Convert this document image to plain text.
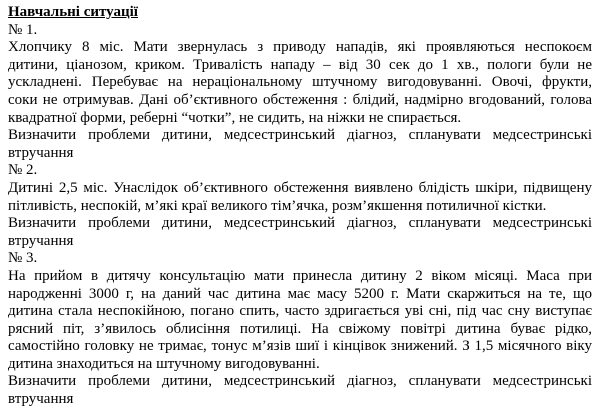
Навчальні ситуації
№ 1.
Хлопчику 8 міс. Мати звернулась з приводу нападів, які проявляються неспокоєм
дитини, ціанозом, криком. Тривалість нападу – від 30 сек до 1 хв., пологи були не
ускладнені. Перебуває на нераціональному штучному вигодовуванні. Овочі, фрукти,
соки не отримував. Дані об’єктивного обстеження : блідий, надмірно вгодований, голова
квадратної форми, реберні “чотки”, не сидить, на ніжки не спирається.
Визначити проблеми дитини, медсестринський діагноз, спланувати медсестринські
втручання
№ 2.
Дитині 2,5 міс. Унаслідок об’єктивного обстеження виявлено блідість шкіри, підвищену
пітливість, неспокій, м’які краї великого тім’ячка, розм’якшення потиличної кістки.
Визначити проблеми дитини, медсестринський діагноз, спланувати медсестринські
втручання
№ 3.
На прийом в дитячу консультацію мати принесла дитину 2 віком місяці. Маса при
народженні 3000 г, на даний час дитина має масу 5200 г. Мати скаржиться на те, що
дитина стала неспокійною, погано спить, часто здригається уві сні, під час сну виступає
рясний піт, з’явилось облисіння потилиці. На свіжому повітрі дитина буває рідко,
самостійно головку не тримає, тонус м’язів шиї і кінцівок знижений. З 1,5 місячного віку
дитина знаходиться на штучному вигодовуванні.
Визначити проблеми дитини, медсестринський діагноз, спланувати медсестринські
втручання
